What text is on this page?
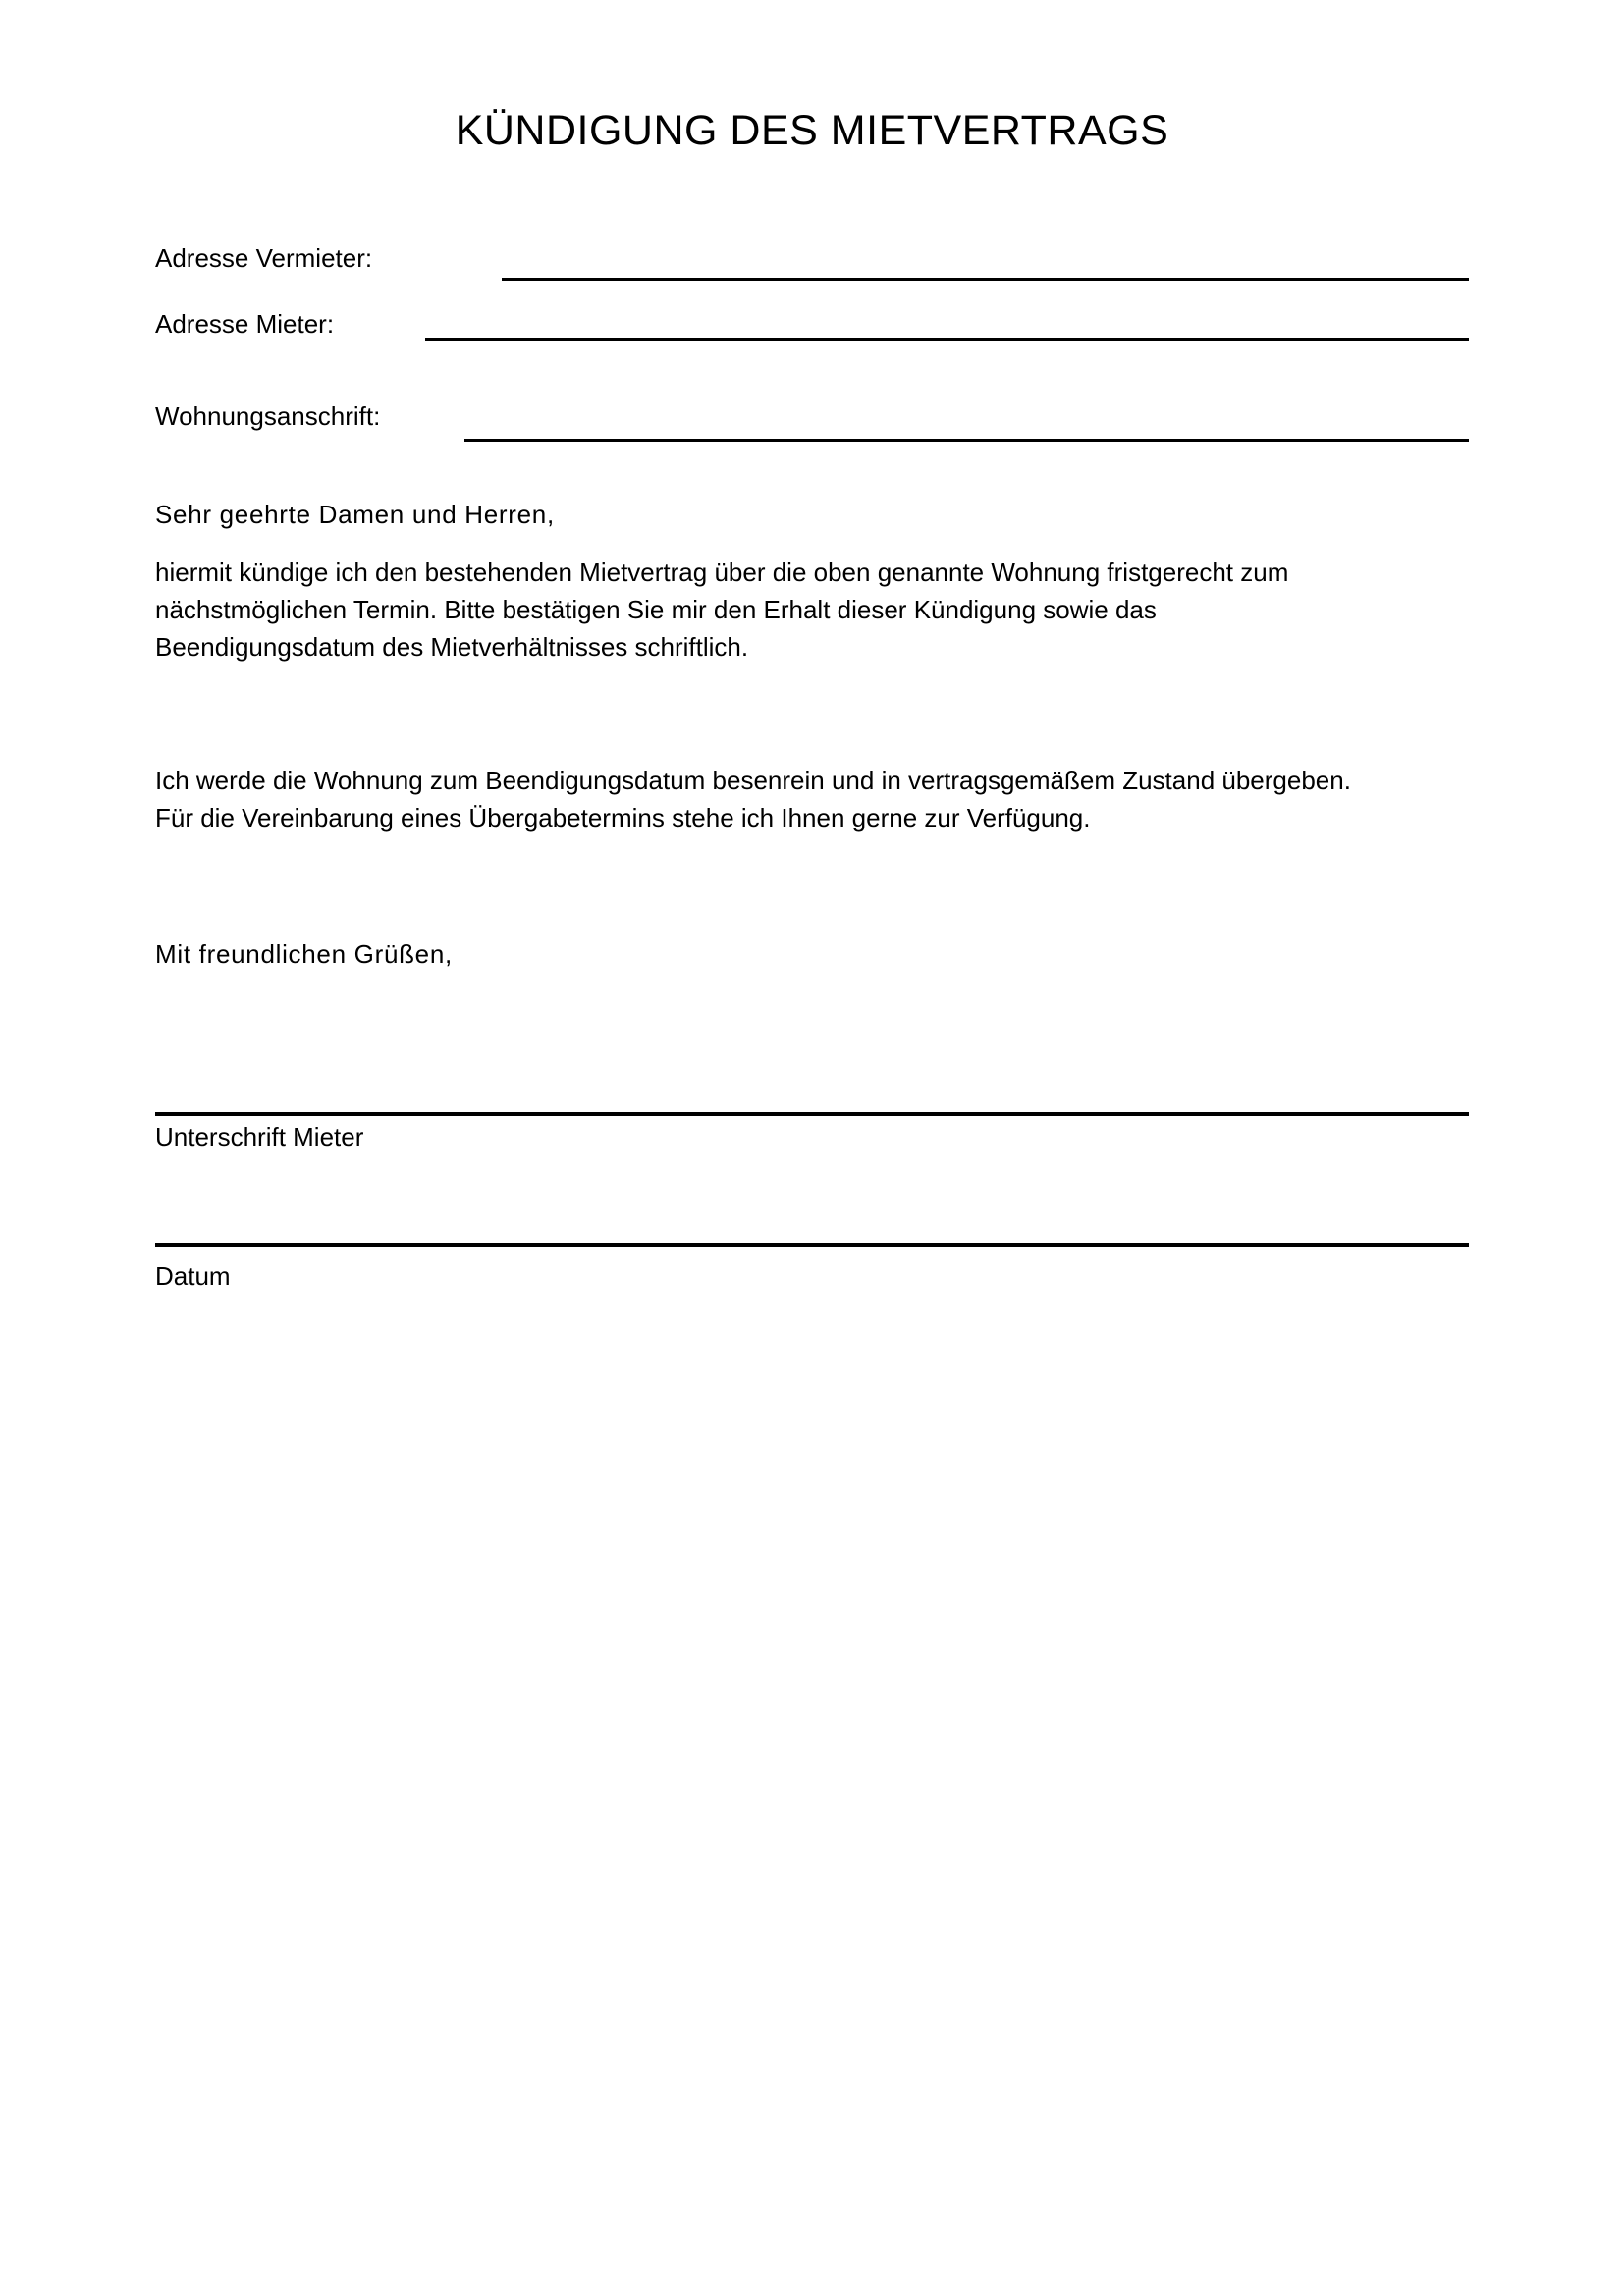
KÜNDIGUNG DES MIETVERTRAGS
Adresse Vermieter:
Adresse Mieter:
Wohnungsanschrift:
Sehr geehrte Damen und Herren,
hiermit kündige ich den bestehenden Mietvertrag über die oben genannte Wohnung fristgerecht zum
nächstmöglichen Termin. Bitte bestätigen Sie mir den Erhalt dieser Kündigung sowie das
Beendigungsdatum des Mietverhältnisses schriftlich.
Ich werde die Wohnung zum Beendigungsdatum besenrein und in vertragsgemäßem Zustand übergeben.
Für die Vereinbarung eines Übergabetermins stehe ich Ihnen gerne zur Verfügung.
Mit freundlichen Grüßen,
Unterschrift Mieter
Datum
